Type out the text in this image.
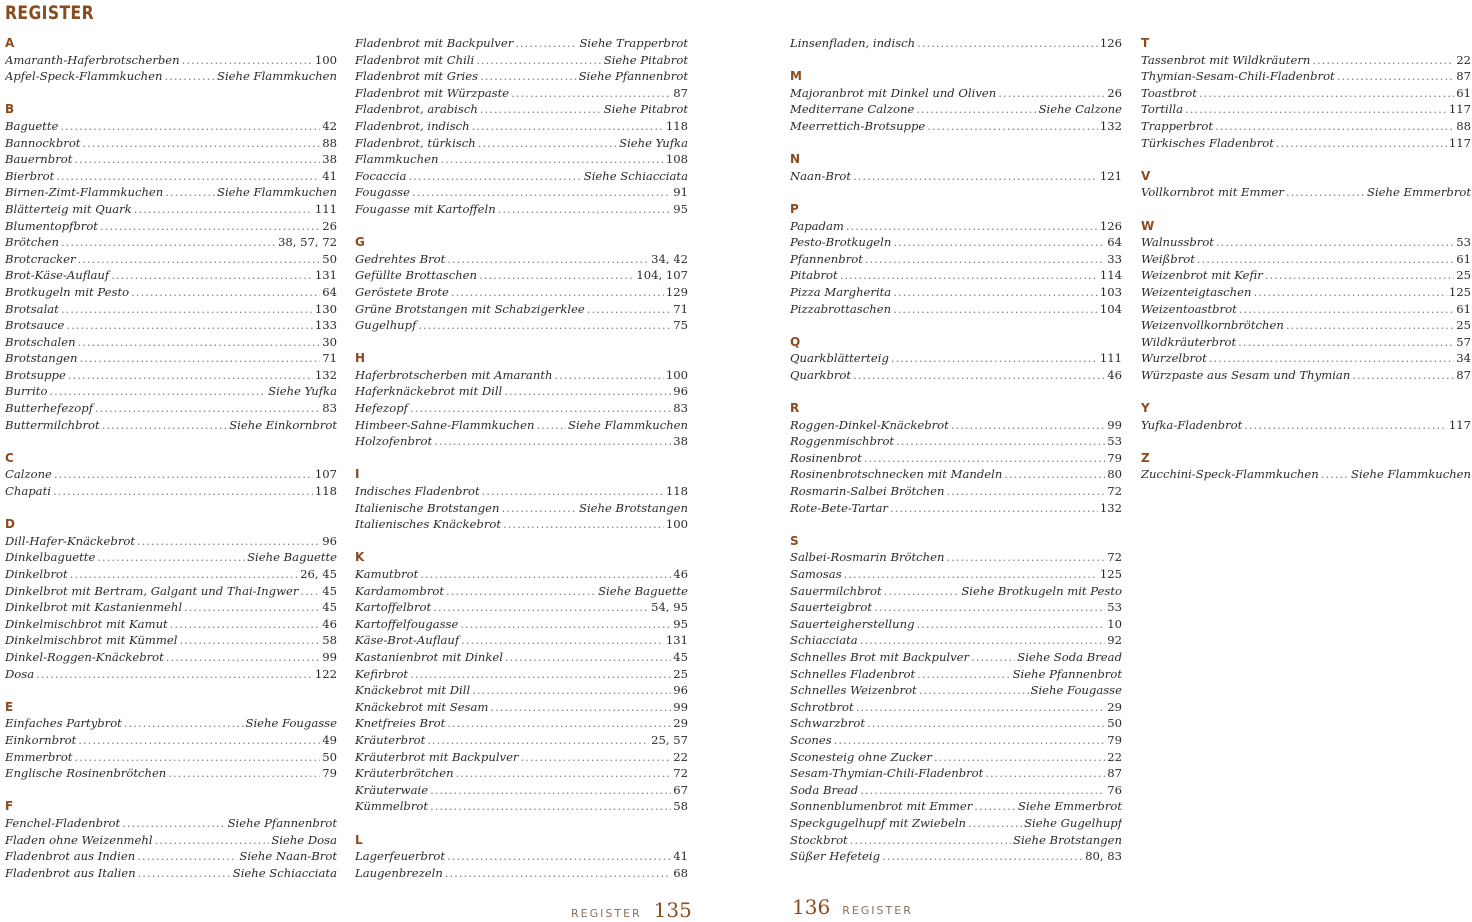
REGISTER
A
Amaranth-Haferbrotscherben .....	100
Apfel-Speck-Flammkuchen .....	Siehe Flammkuchen
B
Baguette .....	42
Bannockbrot .....	88
Bauernbrot .....	38
Bierbrot .....	41
Birnen-Zimt-Flammkuchen .....	Siehe Flammkuchen
Blätterteig mit Quark .....	111
Blumentopfbrot .....	26
Brötchen .....	38, 57, 72
Brotcracker .....	50
Brot-Käse-Auflauf .....	131
Brotkugeln mit Pesto .....	64
Brotsalat .....	130
Brotsauce .....	133
Brotschalen .....	30
Brotstangen .....	71
Brotsuppe .....	132
Burrito .....	Siehe Yufka
Butterhefezopf .....	83
Buttermilchbrot .....	Siehe Einkornbrot
C
Calzone .....	107
Chapati .....	118
D
Dill-Hafer-Knäckebrot .....	96
Dinkelbaguette .....	Siehe Baguette
Dinkelbrot .....	26, 45
Dinkelbrot mit Bertram, Galgant und Thai-Ingwer ..... 45
Dinkelbrot mit Kastanienmehl .....	45
Dinkelmischbrot mit Kamut .....	46
Dinkelmischbrot mit Kümmel .....	58
Dinkel-Roggen-Knäckebrot .....	99
Dosa .....	122
E
Einfaches Partybrot .....	Siehe Fougasse
Einkornbrot .....	49
Emmerbrot .....	50
Englische Rosinenbrötchen .....	79
F
Fenchel-Fladenbrot .....	Siehe Pfannenbrot
Fladen ohne Weizenmehl .....	Siehe Dosa
Fladenbrot aus Indien .....	Siehe Naan-Brot
Fladenbrot aus Italien .....	Siehe Schiacciata
Fladenbrot mit Backpulver .....	Siehe Trapperbrot
Fladenbrot mit Chili .....	Siehe Pitabrot
Fladenbrot mit Gries .....	Siehe Pfannenbrot
Fladenbrot mit Würzpaste .....	87
Fladenbrot, arabisch .....	Siehe Pitabrot
Fladenbrot, indisch .....	118
Fladenbrot, türkisch .....	Siehe Yufka
Flammkuchen .....	108
Focaccia .....	Siehe Schiacciata
Fougasse .....	91
Fougasse mit Kartoffeln .....	95
G
Gedrehtes Brot .....	34, 42
Gefüllte Brottaschen .....	104, 107
Geröstete Brote .....	129
Grüne Brotstangen mit Schabzigerklee .....	71
Gugelhupf .....	75
H
Haferbrotscherben mit Amaranth .....	100
Haferknäckebrot mit Dill .....	96
Hefezopf .....	83
Himbeer-Sahne-Flammkuchen .....	Siehe Flammkuchen
Holzofenbrot .....	38
I
Indisches Fladenbrot .....	118
Italienische Brotstangen .....	Siehe Brotstangen
Italienisches Knäckebrot .....	100
K
Kamutbrot .....	46
Kardamombrot .....	Siehe Baguette
Kartoffelbrot .....	54, 95
Kartoffelfougasse .....	95
Käse-Brot-Auflauf .....	131
Kastanienbrot mit Dinkel .....	45
Kefirbrot .....	25
Knäckebrot mit Dill .....	96
Knäckebrot mit Sesam .....	99
Knetfreies Brot .....	29
Kräuterbrot .....	25, 57
Kräuterbrot mit Backpulver .....	22
Kräuterbrötchen .....	72
Kräuterwaie .....	67
Kümmelbrot .....	58
L
Lagerfeuerbrot .....	41
Laugenbrezeln .....	68
Linsenfladen, indisch .....	126
M
Majoranbrot mit Dinkel und Oliven .....	26
Mediterrane Calzone .....	Siehe Calzone
Meerrettich-Brotsuppe .....	132
N
Naan-Brot .....	121
P
Papadam .....	126
Pesto-Brotkugeln .....	64
Pfannenbrot .....	33
Pitabrot .....	114
Pizza Margherita .....	103
Pizzabrottaschen .....	104
Q
Quarkblätterteig .....	111
Quarkbrot .....	46
R
Roggen-Dinkel-Knäckebrot .....	99
Roggenmischbrot .....	53
Rosinenbrot .....	79
Rosinenbrotschnecken mit Mandeln .....	80
Rosmarin-Salbei Brötchen .....	72
Rote-Bete-Tartar .....	132
S
Salbei-Rosmarin Brötchen .....	72
Samosas .....	125
Sauermilchbrot .....	Siehe Brotkugeln mit Pesto
Sauerteigbrot .....	53
Sauerteigherstellung .....	10
Schiacciata .....	92
Schnelles Brot mit Backpulver .....	Siehe Soda Bread
Schnelles Fladenbrot .....	Siehe Pfannenbrot
Schnelles Weizenbrot .....	Siehe Fougasse
Schrotbrot .....	29
Schwarzbrot .....	50
Scones .....	79
Sconesteig ohne Zucker .....	22
Sesam-Thymian-Chili-Fladenbrot .....	87
Soda Bread .....	76
Sonnenblumenbrot mit Emmer .....	Siehe Emmerbrot
Speckgugelhupf mit Zwiebeln .....	Siehe Gugelhupf
Stockbrot .....	Siehe Brotstangen
Süßer Hefeteig .....	80, 83
T
Tassenbrot mit Wildkräutern .....	22
Thymian-Sesam-Chili-Fladenbrot .....	87
Toastbrot .....	61
Tortilla .....	117
Trapperbrot .....	88
Türkisches Fladenbrot .....	117
V
Vollkornbrot mit Emmer .....	Siehe Emmerbrot
W
Walnussbrot .....	53
Weißbrot .....	61
Weizenbrot mit Kefir .....	25
Weizenteigtaschen .....	125
Weizentoastbrot .....	61
Weizenvollkornbrötchen .....	25
Wildkräuterbrot .....	57
Wurzelbrot .....	34
Würzpaste aus Sesam und Thymian .....	87
Y
Yufka-Fladenbrot .....	117
Z
Zucchini-Speck-Flammkuchen .....	Siehe Flammkuchen
REGISTER 135	136 REGISTER
